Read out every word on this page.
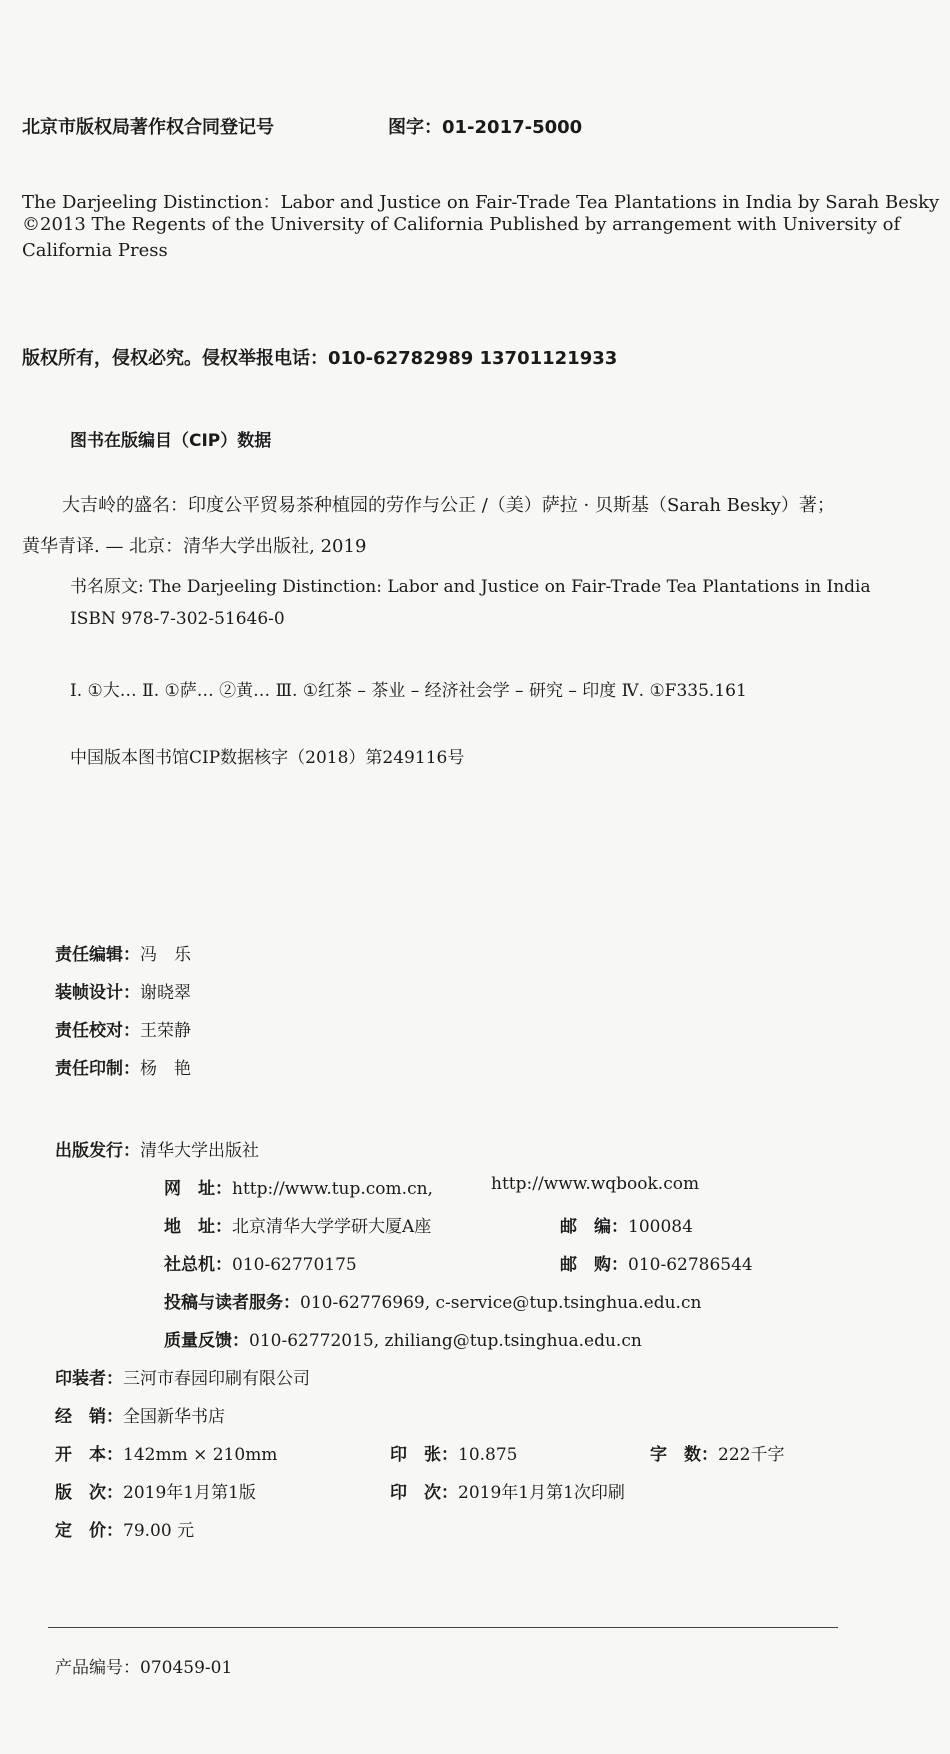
北京市版权局著作权合同登记号	图字：01-2017-5000
The Darjeeling Distinction：Labor and Justice on Fair-Trade Tea Plantations in India by Sarah Besky
©2013 The Regents of the University of California Published by arrangement with University of
California Press
版权所有，侵权必究。侵权举报电话：010-62782989 13701121933
图书在版编目（CIP）数据
大吉岭的盛名：印度公平贸易茶种植园的劳作与公正 /（美）萨拉 · 贝斯基（Sarah Besky）著；
黄华青译. — 北京：清华大学出版社, 2019
书名原文: The Darjeeling Distinction: Labor and Justice on Fair-Trade Tea Plantations in India
ISBN 978-7-302-51646-0
Ⅰ. ①大… Ⅱ. ①萨… ②黄… Ⅲ. ①红茶 – 茶业 – 经济社会学 – 研究 – 印度 Ⅳ. ①F335.161
中国版本图书馆CIP数据核字（2018）第249116号
责任编辑： 冯　乐
装帧设计： 谢晓翠
责任校对： 王荣静
责任印制： 杨　艳
出版发行： 清华大学出版社
网　址： http://www.tup.com.cn,	http://www.wqbook.com
地　址： 北京清华大学学研大厦A座	邮　编： 100084
社总机： 010-62770175	邮　购： 010-62786544
投稿与读者服务： 010-62776969, c-service@tup.tsinghua.edu.cn
质量反馈： 010-62772015, zhiliang@tup.tsinghua.edu.cn
印装者： 三河市春园印刷有限公司
经　销： 全国新华书店
开　本： 142mm × 210mm	印　张： 10.875	字　数： 222千字
版　次： 2019年1月第1版	印　次： 2019年1月第1次印刷
定　价： 79.00 元
产品编号： 070459-01
